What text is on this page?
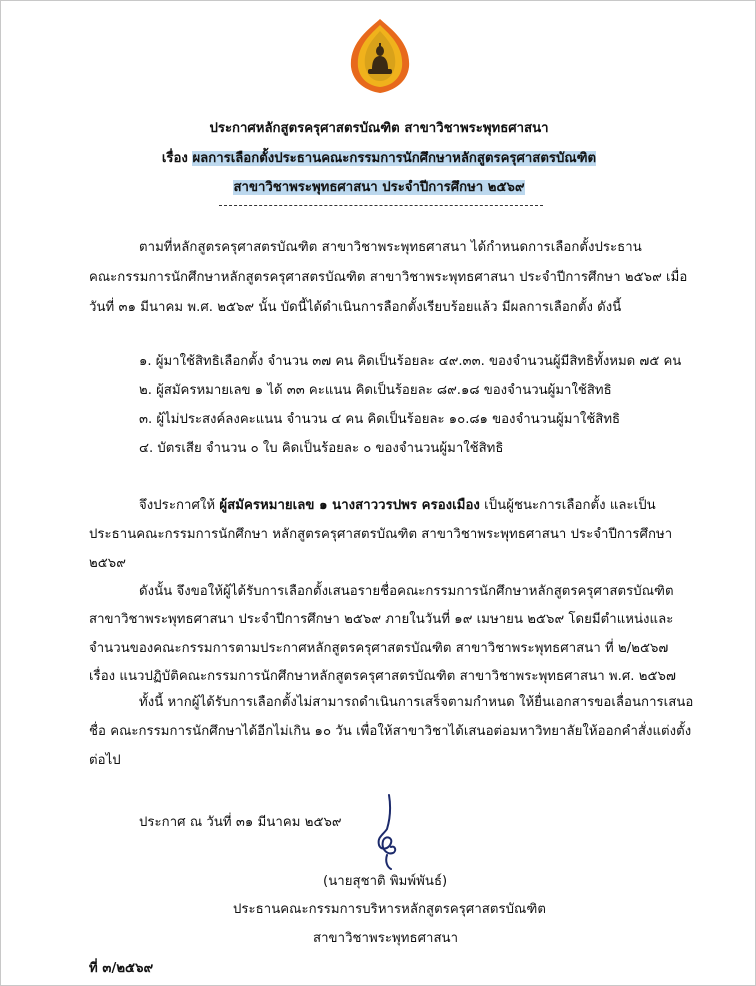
ประกาศหลักสูตรครุศาสตรบัณฑิต สาขาวิชาพระพุทธศาสนา
เรื่อง ผลการเลือกตั้งประธานคณะกรรมการนักศึกษาหลักสูตรครุศาสตรบัณฑิต
สาขาวิชาพระพุทธศาสนา ประจำปีการศึกษา ๒๕๖๙
ตามที่หลักสูตรครุศาสตรบัณฑิต สาขาวิชาพระพุทธศาสนา ได้กำหนดการเลือกตั้งประธาน
คณะกรรมการนักศึกษาหลักสูตรครุศาสตรบัณฑิต สาขาวิชาพระพุทธศาสนา ประจำปีการศึกษา ๒๕๖๙ เมื่อ
วันที่ ๓๑ มีนาคม พ.ศ. ๒๕๖๙ นั้น บัดนี้ได้ดำเนินการลือกตั้งเรียบร้อยแล้ว มีผลการเลือกตั้ง ดังนี้
๑. ผู้มาใช้สิทธิเลือกตั้ง จำนวน ๓๗ คน คิดเป็นร้อยละ ๔๙.๓๓. ของจำนวนผู้มีสิทธิทั้งหมด ๗๕ คน
๒. ผู้สมัครหมายเลข ๑ ได้ ๓๓ คะแนน คิดเป็นร้อยละ ๘๙.๑๘ ของจำนวนผู้มาใช้สิทธิ
๓. ผู้ไม่ประสงค์ลงคะแนน จำนวน ๔ คน คิดเป็นร้อยละ ๑๐.๘๑ ของจำนวนผู้มาใช้สิทธิ
๔. บัตรเสีย จำนวน ๐ ใบ คิดเป็นร้อยละ ๐ ของจำนวนผู้มาใช้สิทธิ
จึงประกาศให้ ผู้สมัครหมายเลข ๑ นางสาววรปพร ครองเมือง เป็นผู้ชนะการเลือกตั้ง และเป็น
ประธานคณะกรรมการนักศึกษา หลักสูตรครุศาสตรบัณฑิต สาขาวิชาพระพุทธศาสนา ประจำปีการศึกษา
๒๕๖๙
ดังนั้น จึงขอให้ผู้ได้รับการเลือกตั้งเสนอรายชื่อคณะกรรมการนักศึกษาหลักสูตรครุศาสตรบัณฑิต
สาขาวิชาพระพุทธศาสนา ประจำปีการศึกษา ๒๕๖๙ ภายในวันที่ ๑๙ เมษายน ๒๕๖๙ โดยมีตำแหน่งและ
จำนวนของคณะกรรมการตามประกาศหลักสูตรครุศาสตรบัณฑิต สาขาวิชาพระพุทธศาสนา ที่ ๒/๒๕๖๗
เรื่อง แนวปฏิบัติคณะกรรมการนักศึกษาหลักสูตรครุศาสตรบัณฑิต สาขาวิชาพระพุทธศาสนา พ.ศ. ๒๕๖๗
ทั้งนี้ หากผู้ได้รับการเลือกตั้งไม่สามารถดำเนินการเสร็จตามกำหนด ให้ยื่นเอกสารขอเลื่อนการเสนอ
ชื่อ คณะกรรมการนักศึกษาได้อีกไม่เกิน ๑๐ วัน เพื่อให้สาขาวิชาได้เสนอต่อมหาวิทยาลัยให้ออกคำสั่งแต่งตั้ง
ต่อไป
ประกาศ ณ วันที่ ๓๑ มีนาคม ๒๕๖๙
(นายสุชาติ พิมพ์พันธ์)
ประธานคณะกรรมการบริหารหลักสูตรครุศาสตรบัณฑิต
สาขาวิชาพระพุทธศาสนา
ที่ ๓/๒๕๖๙
